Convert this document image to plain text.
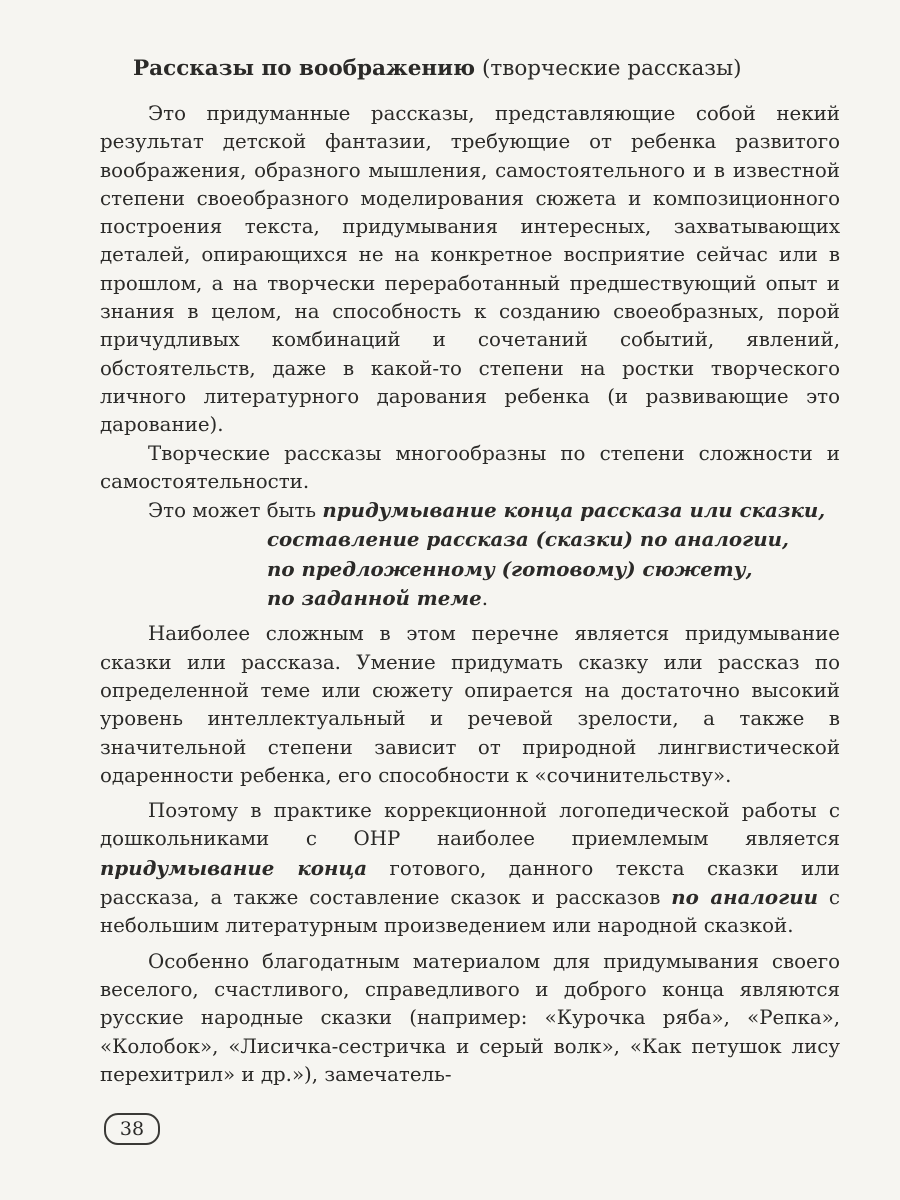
Рассказы по воображению (творческие рассказы)

Это придуманные рассказы, представляющие собой некий результат детской фантазии, требующие от ребенка развитого воображения, образного мышления, самостоятельного и в известной степени своеобразного моделирования сюжета и композиционного построения текста, придумывания интересных, захватывающих деталей, опирающихся не на конкретное восприятие сейчас или в прошлом, а на творчески переработанный предшествующий опыт и знания в целом, на способность к созданию своеобразных, порой причудливых комбинаций и сочетаний событий, явлений, обстоятельств, даже в какой-то степени на ростки творческого личного литературного дарования ребенка (и развивающие это дарование).

Творческие рассказы многообразны по степени сложности и самостоятельности.

Это может быть придумывание конца рассказа или сказки,
составление рассказа (сказки) по аналогии,
по предложенному (готовому) сюжету,
по заданной теме.

Наиболее сложным в этом перечне является придумывание сказки или рассказа. Умение придумать сказку или рассказ по определенной теме или сюжету опирается на достаточно высокий уровень интеллектуальный и речевой зрелости, а также в значительной степени зависит от природной лингвистической одаренности ребенка, его способности к «сочинительству».

Поэтому в практике коррекционной логопедической работы с дошкольниками с ОНР наиболее приемлемым является придумывание конца готового, данного текста сказки или рассказа, а также составление сказок и рассказов по аналогии с небольшим литературным произведением или народной сказкой.

Особенно благодатным материалом для придумывания своего веселого, счастливого, справедливого и доброго конца являются русские народные сказки (например: «Курочка ряба», «Репка», «Колобок», «Лисичка-сестричка и серый волк», «Как петушок лису перехитрил» и др.»), замечатель-

38
